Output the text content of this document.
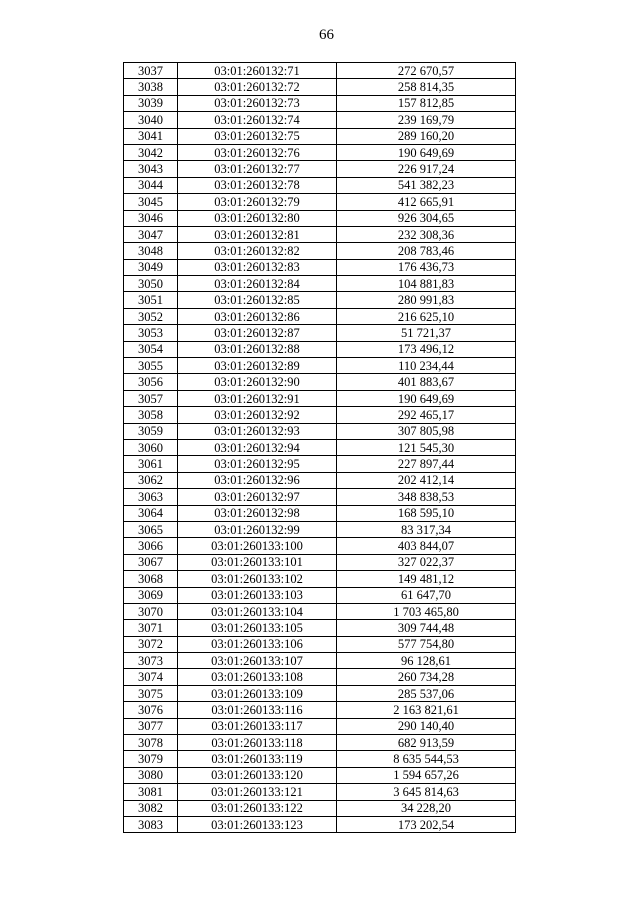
66
3037	03:01:260132:71	272 670,57
3038	03:01:260132:72	258 814,35
3039	03:01:260132:73	157 812,85
3040	03:01:260132:74	239 169,79
3041	03:01:260132:75	289 160,20
3042	03:01:260132:76	190 649,69
3043	03:01:260132:77	226 917,24
3044	03:01:260132:78	541 382,23
3045	03:01:260132:79	412 665,91
3046	03:01:260132:80	926 304,65
3047	03:01:260132:81	232 308,36
3048	03:01:260132:82	208 783,46
3049	03:01:260132:83	176 436,73
3050	03:01:260132:84	104 881,83
3051	03:01:260132:85	280 991,83
3052	03:01:260132:86	216 625,10
3053	03:01:260132:87	51 721,37
3054	03:01:260132:88	173 496,12
3055	03:01:260132:89	110 234,44
3056	03:01:260132:90	401 883,67
3057	03:01:260132:91	190 649,69
3058	03:01:260132:92	292 465,17
3059	03:01:260132:93	307 805,98
3060	03:01:260132:94	121 545,30
3061	03:01:260132:95	227 897,44
3062	03:01:260132:96	202 412,14
3063	03:01:260132:97	348 838,53
3064	03:01:260132:98	168 595,10
3065	03:01:260132:99	83 317,34
3066	03:01:260133:100	403 844,07
3067	03:01:260133:101	327 022,37
3068	03:01:260133:102	149 481,12
3069	03:01:260133:103	61 647,70
3070	03:01:260133:104	1 703 465,80
3071	03:01:260133:105	309 744,48
3072	03:01:260133:106	577 754,80
3073	03:01:260133:107	96 128,61
3074	03:01:260133:108	260 734,28
3075	03:01:260133:109	285 537,06
3076	03:01:260133:116	2 163 821,61
3077	03:01:260133:117	290 140,40
3078	03:01:260133:118	682 913,59
3079	03:01:260133:119	8 635 544,53
3080	03:01:260133:120	1 594 657,26
3081	03:01:260133:121	3 645 814,63
3082	03:01:260133:122	34 228,20
3083	03:01:260133:123	173 202,54
